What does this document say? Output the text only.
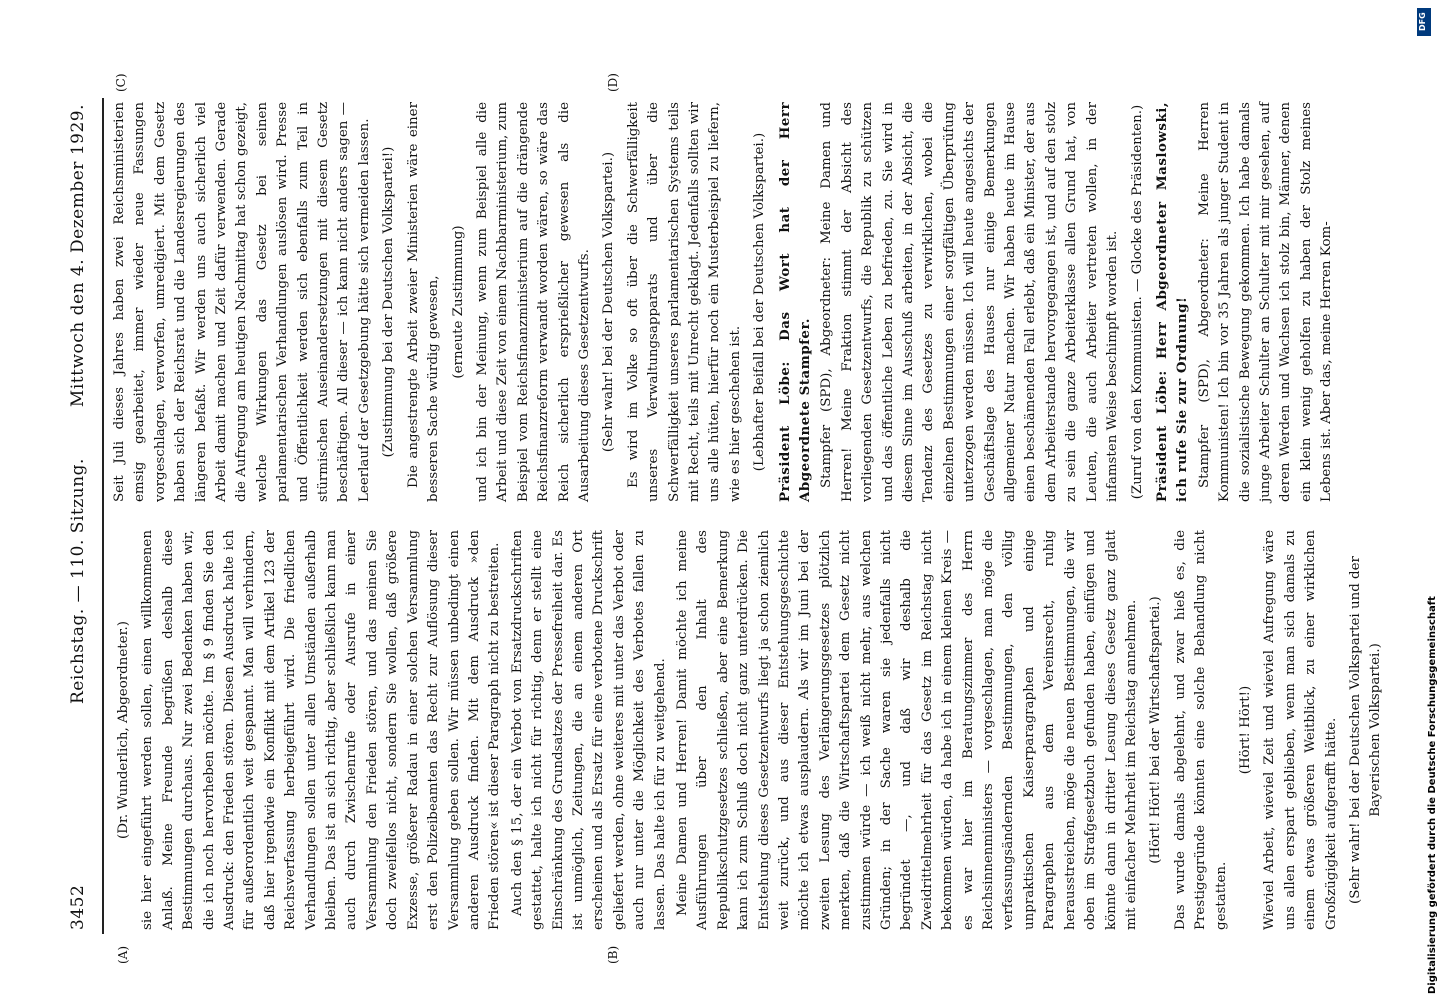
3452
Reichstag. — 110. Sitzung.
Mittwoch den 4. Dezember 1929.
(A)	(B)
(C)	(D)

(Dr. Wunderlich, Abgeordneter.) sie hier eingeführt werden sollen, einen willkommenen Anlaß. Meine Freunde begrüßen deshalb diese Bestimmungen durchaus. Nur zwei Bedenken haben wir, die ich noch hervorheben möchte. Im § 9 finden Sie den Ausdruck: den Frieden stören. Diesen Ausdruck halte ich für außerordentlich weit gespannt. Man will verhindern, daß hier irgendwie ein Konflikt mit dem Artikel 123 der Reichsverfassung herbeigeführt wird. Die friedlichen Verhandlungen sollen unter allen Umständen außerhalb bleiben. Das ist an sich richtig, aber schließlich kann man auch durch Zwischenrufe oder Ausrufe in einer Versammlung den Frieden stören, und das meinen Sie doch zweifellos nicht, sondern Sie wollen, daß größere Exzesse, größerer Radau in einer solchen Versammlung erst den Polizeibeamten das Recht zur Auflösung dieser Versammlung geben sollen. Wir müssen unbedingt einen anderen Ausdruck finden. Mit dem Ausdruck »den Frieden stören« ist dieser Paragraph nicht zu bestreiten. Auch den § 15, der ein Verbot von Ersatzdruckschriften gestattet, halte ich nicht für richtig, denn er stellt eine Einschränkung des Grundsatzes der Pressefreiheit dar. Es ist unmöglich, Zeitungen, die an einem anderen Ort erscheinen und als Ersatz für eine verbotene Druckschrift geliefert werden, ohne weiteres mit unter das Verbot oder auch nur unter die Möglichkeit des Verbotes fallen zu lassen. Das halte ich für zu weitgehend. Meine Damen und Herren! Damit möchte ich meine Ausführungen über den Inhalt des Republikschutzgesetzes schließen, aber eine Bemerkung kann ich zum Schluß doch nicht ganz unterdrücken. Die Entstehung dieses Gesetzentwurfs liegt ja schon ziemlich weit zurück, und aus dieser Entstehungsgeschichte möchte ich etwas ausplaudern. Als wir im Juni bei der zweiten Lesung des Verlängerungsgesetzes plötzlich merkten, daß die Wirtschaftspartei dem Gesetz nicht zustimmen würde — ich weiß nicht mehr, aus welchen Gründen; in der Sache waren sie jedenfalls nicht begründet —, und daß wir deshalb die Zweidrittelmehrheit für das Gesetz im Reichstag nicht bekommen würden, da habe ich in einem kleinen Kreis — es war hier im Beratungszimmer des Herrn Reichsinnenministers — vorgeschlagen, man möge die verfassungsändernden Bestimmungen, den völlig unpraktischen Kaiserparagraphen und einige Paragraphen aus dem Vereinsrecht, ruhig herausstreichen, möge die neuen Bestimmungen, die wir oben im Strafgesetzbuch gefunden haben, einfügen und könnte dann in dritter Lesung dieses Gesetz ganz glatt mit einfacher Mehrheit im Reichstag annehmen. (Hört! Hört! bei der Wirtschaftspartei.) Das wurde damals abgelehnt, und zwar hieß es, die Prestigegründe könnten eine solche Behandlung nicht gestatten.

(Hört! Hört!) Wieviel Arbeit, wieviel Zeit und wieviel Aufregung wäre uns allen erspart geblieben, wenn man sich damals zu einem etwas größeren Weitblick, zu einer wirklichen Großzügigkeit aufgerafft hätte. (Sehr wahr! bei der Deutschen Volkspartei und der Bayerischen Volkspartei.)

Seit Juli dieses Jahres haben zwei Reichsministerien emsig gearbeitet, immer wieder neue Fassungen vorgeschlagen, verworfen, umredigiert. Mit dem Gesetz haben sich der Reichsrat und die Landesregierungen des längeren befaßt. Wir werden uns auch sicherlich viel Arbeit damit machen und Zeit dafür verwenden. Gerade die Aufregung am heutigen Nachmittag hat schon gezeigt, welche Wirkungen das Gesetz bei seinen parlamentarischen Verhandlungen auslösen wird. Presse und Öffentlichkeit werden sich ebenfalls zum Teil in stürmischen Auseinandersetzungen mit diesem Gesetz beschäftigen. All dieser — ich kann nicht anders sagen — Leerlauf der Gesetzgebung hätte sich vermeiden lassen. (Zustimmung bei der Deutschen Volkspartei!) Die angestrengte Arbeit zweier Ministerien wäre einer besseren Sache würdig gewesen, (erneute Zustimmung) und ich bin der Meinung, wenn zum Beispiel alle die Arbeit und diese Zeit von einem Nachbarministerium, zum Beispiel vom Reichsfinanzministerium auf die drängende Reichsfinanzreform verwandt worden wären, so wäre das Reich sicherlich ersprießlicher gewesen als die Ausarbeitung dieses Gesetzentwurfs. (Sehr wahr! bei der Deutschen Volkspartei.) Es wird im Volke so oft über die Schwerfälligkeit unseres Verwaltungsapparats und über die Schwerfälligkeit unseres parlamentarischen Systems teils mit Recht, teils mit Unrecht geklagt. Jedenfalls sollten wir uns alle hüten, hierfür noch ein Musterbeispiel zu liefern, wie es hier geschehen ist. (Lebhafter Beifall bei der Deutschen Volkspartei.) Präsident Löbe: Das Wort hat der Herr Abgeordnete Stampfer. Stampfer (SPD), Abgeordneter: Meine Damen und Herren! Meine Fraktion stimmt der Absicht des vorliegenden Gesetzentwurfs, die Republik zu schützen und das öffentliche Leben zu befrieden, zu. Sie wird in diesem Sinne im Ausschuß arbeiten, in der Absicht, die Tendenz des Gesetzes zu verwirklichen, wobei die einzelnen Bestimmungen einer sorgfältigen Überprüfung unterzogen werden müssen. Ich will heute angesichts der Geschäftslage des Hauses nur einige Bemerkungen allgemeiner Natur machen. Wir haben heute im Hause einen beschämenden Fall erlebt, daß ein Minister, der aus dem Arbeiterstande hervorgegangen ist, und auf den stolz zu sein die ganze Arbeiterklasse allen Grund hat, von Leuten, die auch Arbeiter vertreten wollen, in der infamsten Weise beschimpft worden ist. (Zuruf von den Kommunisten. — Glocke des Präsidenten.) Präsident Löbe: Herr Abgeordneter Maslowski, ich rufe Sie zur Ordnung! Stampfer (SPD), Abgeordneter: Meine Herren Kommunisten! Ich bin vor 35 Jahren als junger Student in die sozialistische Bewegung gekommen. Ich habe damals junge Arbeiter Schulter an Schulter mit mir gesehen, auf deren Werden und Wachsen ich stolz bin, Männer, denen ein klein wenig geholfen zu haben der Stolz meines Lebens ist. Aber das, meine Herren Kom-

DFG
Digitalisierung gefördert durch die Deutsche Forschungsgemeinschaft
